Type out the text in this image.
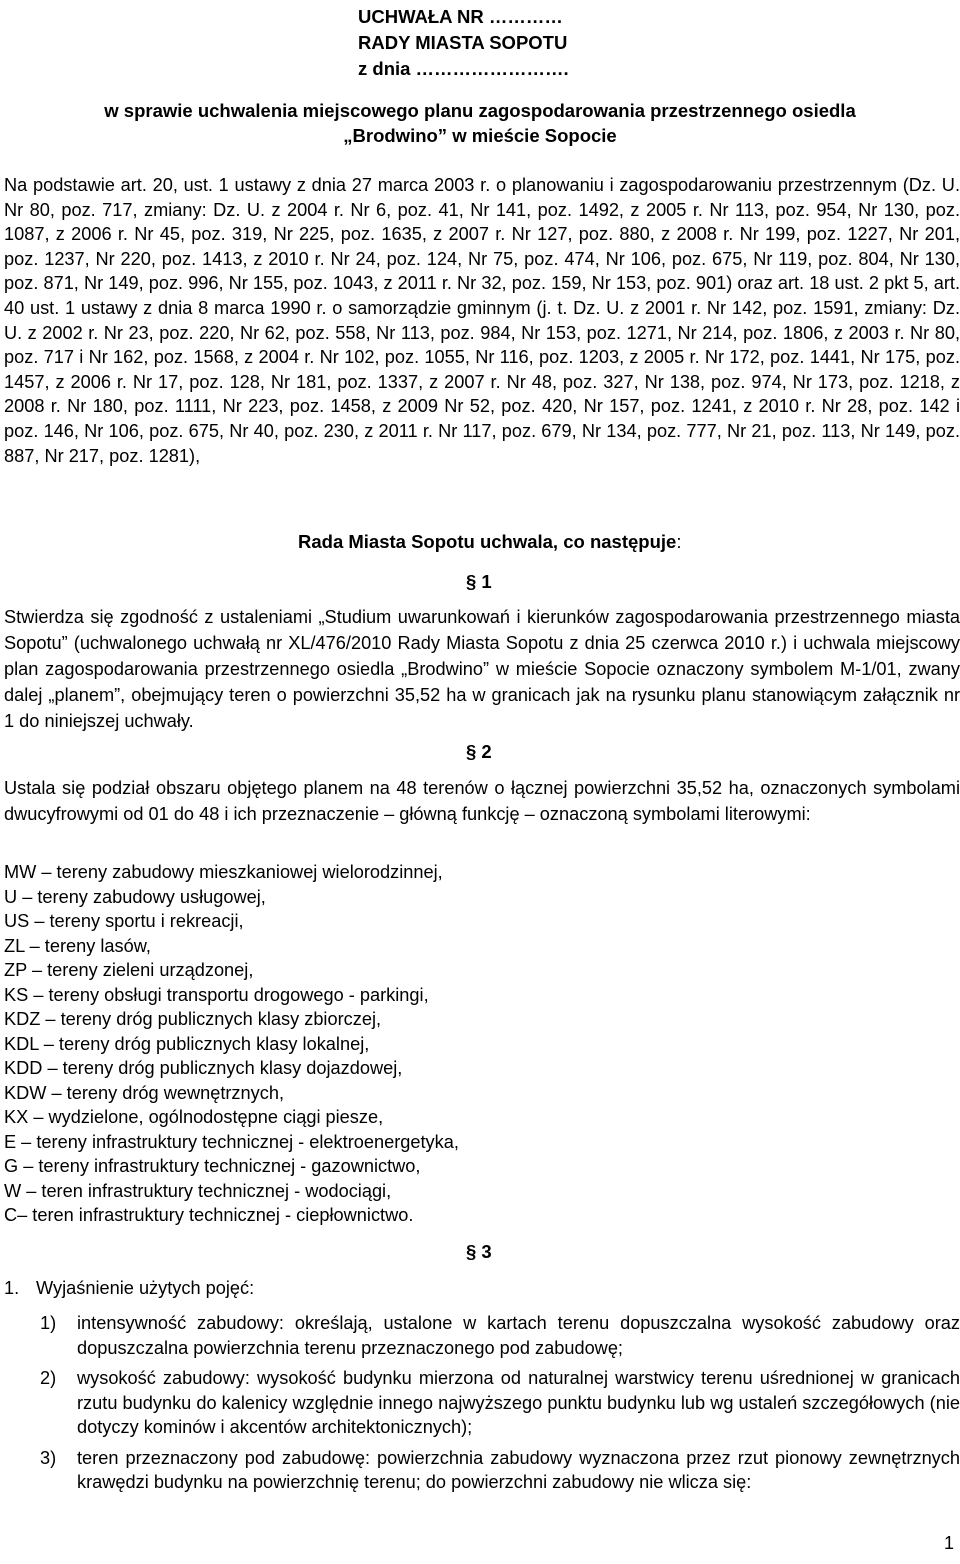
UCHWAŁA NR …………

RADY MIASTA SOPOTU

z dnia …………………….

w sprawie uchwalenia miejscowego planu zagospodarowania przestrzennego osiedla
„Brodwino” w mieście Sopocie

Na podstawie art. 20, ust. 1 ustawy z dnia 27 marca 2003 r. o planowaniu i zagospodarowaniu przestrzennym (Dz. U. Nr 80, poz. 717, zmiany: Dz. U. z 2004 r. Nr 6, poz. 41, Nr 141, poz. 1492, z 2005 r. Nr 113, poz. 954, Nr 130, poz. 1087, z 2006 r. Nr 45, poz. 319, Nr 225, poz. 1635, z 2007 r. Nr 127, poz. 880, z 2008 r. Nr 199, poz. 1227, Nr 201, poz. 1237, Nr 220, poz. 1413, z 2010 r. Nr 24, poz. 124, Nr 75, poz. 474, Nr 106, poz. 675, Nr 119, poz. 804, Nr 130, poz. 871, Nr 149, poz. 996, Nr 155, poz. 1043, z 2011 r. Nr 32, poz. 159, Nr 153, poz. 901) oraz art. 18 ust. 2 pkt 5, art. 40 ust. 1 ustawy z dnia 8 marca 1990 r. o samorządzie gminnym (j. t. Dz. U. z 2001 r. Nr 142, poz. 1591, zmiany: Dz. U. z 2002 r. Nr 23, poz. 220, Nr 62, poz. 558, Nr 113, poz. 984, Nr 153, poz. 1271, Nr 214, poz. 1806, z 2003 r. Nr 80, poz. 717 i Nr 162, poz. 1568, z 2004 r. Nr 102, poz. 1055, Nr 116, poz. 1203, z 2005 r. Nr 172, poz. 1441, Nr 175, poz. 1457, z 2006 r. Nr 17, poz. 128, Nr 181, poz. 1337, z 2007 r. Nr 48, poz. 327, Nr 138, poz. 974, Nr 173, poz. 1218, z 2008 r. Nr 180, poz. 1111, Nr 223, poz. 1458, z 2009 Nr 52, poz. 420, Nr 157, poz. 1241, z 2010 r. Nr 28, poz. 142 i poz. 146, Nr 106, poz. 675, Nr 40, poz. 230, z 2011 r. Nr 117, poz. 679, Nr 134, poz. 777, Nr 21, poz. 113, Nr 149, poz. 887, Nr 217, poz. 1281),

Rada Miasta Sopotu uchwala, co następuje:

§ 1

Stwierdza się zgodność z ustaleniami „Studium uwarunkowań i kierunków zagospodarowania przestrzennego miasta Sopotu” (uchwalonego uchwałą nr XL/476/2010 Rady Miasta Sopotu z dnia 25 czerwca 2010 r.) i uchwala miejscowy plan zagospodarowania przestrzennego osiedla „Brodwino” w mieście Sopocie oznaczony symbolem M-1/01, zwany dalej „planem”, obejmujący teren o powierzchni 35,52 ha w granicach jak na rysunku planu stanowiącym załącznik nr 1 do niniejszej uchwały.

§ 2

Ustala się podział obszaru objętego planem na 48 terenów o łącznej powierzchni 35,52 ha, oznaczonych symbolami dwucyfrowymi od 01 do 48 i ich przeznaczenie – główną funkcję – oznaczoną symbolami literowymi:

MW – tereny zabudowy mieszkaniowej wielorodzinnej,
U – tereny zabudowy usługowej,
US – tereny sportu i rekreacji,
ZL – tereny lasów,
ZP – tereny zieleni urządzonej,
KS – tereny obsługi transportu drogowego - parkingi,
KDZ – tereny dróg publicznych klasy zbiorczej,
KDL – tereny dróg publicznych klasy lokalnej,
KDD – tereny dróg publicznych klasy dojazdowej,
KDW – tereny dróg wewnętrznych,
KX – wydzielone, ogólnodostępne ciągi piesze,
E – tereny infrastruktury technicznej - elektroenergetyka,
G – tereny infrastruktury technicznej - gazownictwo,
W – teren infrastruktury technicznej - wodociągi,
C– teren infrastruktury technicznej - ciepłownictwo.

§ 3

1. Wyjaśnienie użytych pojęć:

1) intensywność zabudowy: określają, ustalone w kartach terenu dopuszczalna wysokość zabudowy oraz dopuszczalna powierzchnia terenu przeznaczonego pod zabudowę;
2) wysokość zabudowy: wysokość budynku mierzona od naturalnej warstwicy terenu uśrednionej w granicach rzutu budynku do kalenicy względnie innego najwyższego punktu budynku lub wg ustaleń szczegółowych (nie dotyczy kominów i akcentów architektonicznych);
3) teren przeznaczony pod zabudowę: powierzchnia zabudowy wyznaczona przez rzut pionowy zewnętrznych krawędzi budynku na powierzchnię terenu; do powierzchni zabudowy nie wlicza się:

1
